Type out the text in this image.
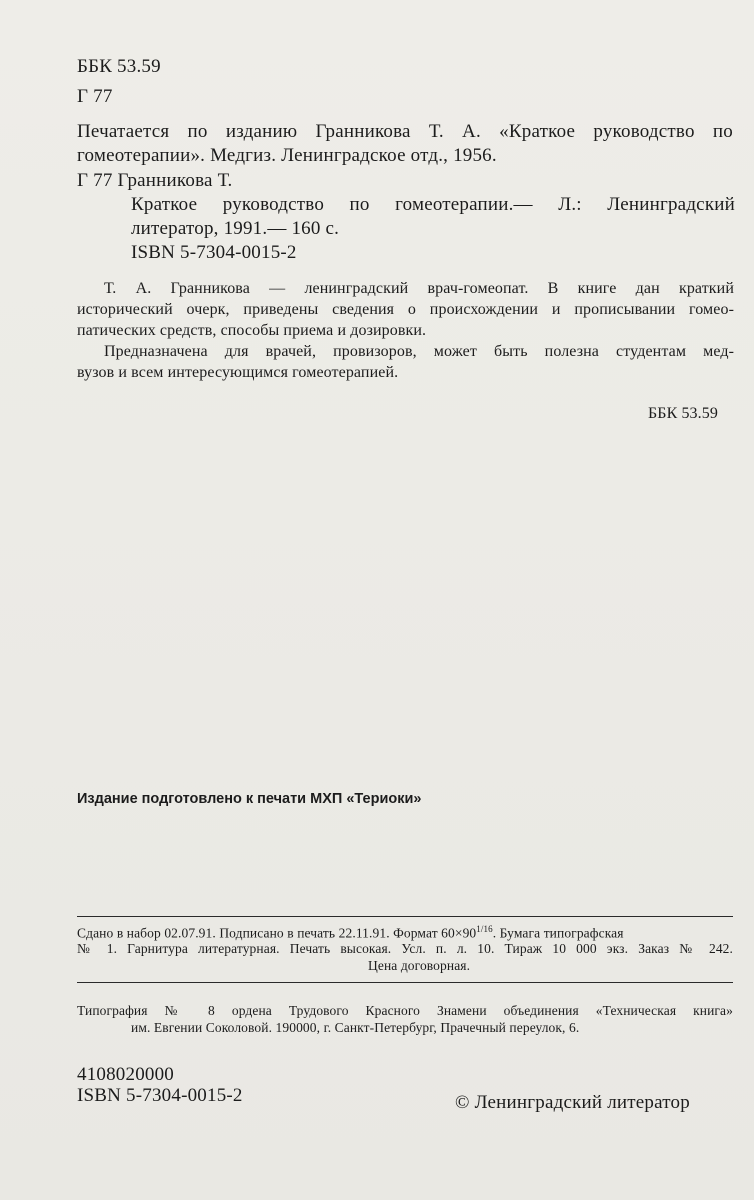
ББК 53.59

Г 77

Печатается по изданию Гранникова Т. А. «Краткое руководство по

гомеотерапии». Медгиз. Ленинградское отд., 1956.

Г 77 Гранникова Т.

Краткое руководство по гомеотерапии.— Л.: Ленинградский

литератор, 1991.— 160 с.

ISBN 5-7304-0015-2

Т. А. Гранникова — ленинградский врач-гомеопат. В книге дан краткий

исторический очерк, приведены сведения о происхождении и прописывании гомео-

патических средств, способы приема и дозировки.

Предназначена для врачей, провизоров, может быть полезна студентам мед-

вузов и всем интересующимся гомеотерапией.

ББК 53.59

Издание подготовлено к печати МХП «Териоки»

Сдано в набор 02.07.91. Подписано в печать 22.11.91. Формат $60\times 90^{1/16}$. Бумага типографская

№ 1. Гарнитура литературная. Печать высокая. Усл. п. л. 10. Тираж 10 000 экз. Заказ № 242.

Цена договорная.

Типография № 8 ордена Трудового Красного Знамени объединения «Техническая книга»

им. Евгении Соколовой. 190000, г. Санкт-Петербург, Прачечный переулок, 6.

4108020000

ISBN 5-7304-0015-2	© Ленинградский литератор
